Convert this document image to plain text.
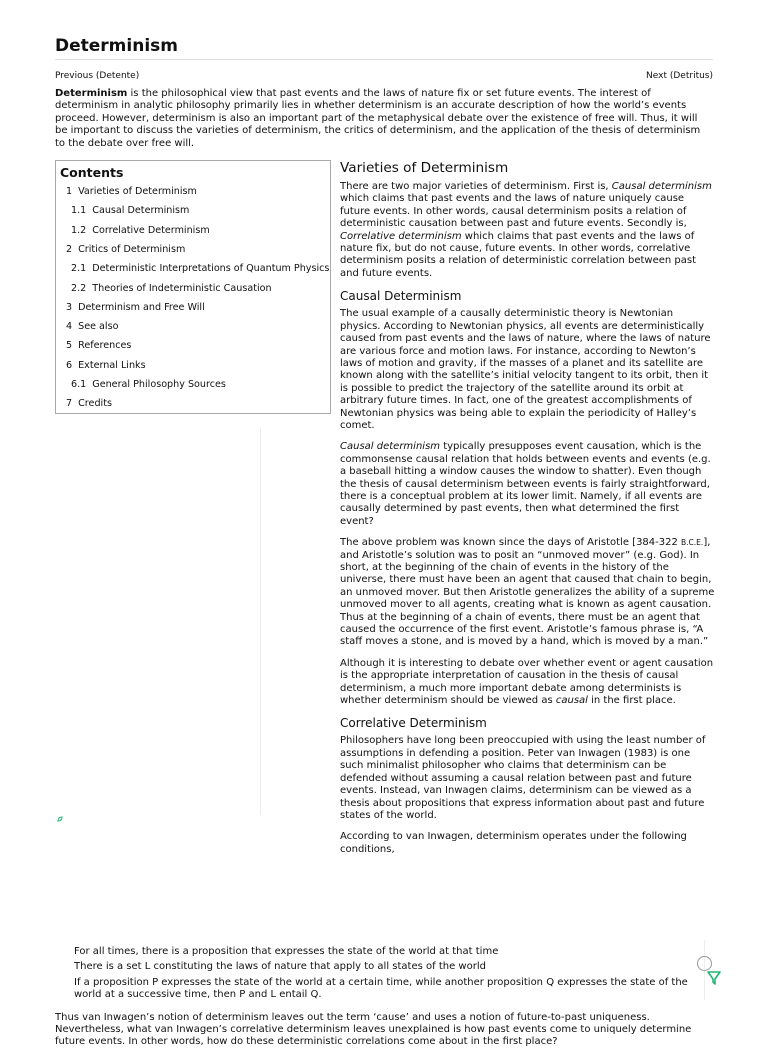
Determinism
Previous (Detente)	Next (Detritus)

Determinism is the philosophical view that past events and the laws of nature fix or set future events. The interest of determinism in analytic philosophy primarily lies in whether determinism is an accurate description of how the world’s events proceed. However, determinism is also an important part of the metaphysical debate over the existence of free will. Thus, it will be important to discuss the varieties of determinism, the critics of determinism, and the application of the thesis of determinism to the debate over free will.

Contents
1 Varieties of Determinism
1.1 Causal Determinism
1.2 Correlative Determinism
2 Critics of Determinism
2.1 Deterministic Interpretations of Quantum Physics
2.2 Theories of Indeterministic Causation
3 Determinism and Free Will
4 See also
5 References
6 External Links
6.1 General Philosophy Sources
7 Credits
Varieties of Determinism

There are two major varieties of determinism. First is, Causal determinism which claims that past events and the laws of nature uniquely cause future events. In other words, causal determinism posits a relation of deterministic causation between past and future events. Secondly is, Correlative determinism which claims that past events and the laws of nature fix, but do not cause, future events. In other words, correlative determinism posits a relation of deterministic correlation between past and future events.

Causal Determinism

The usual example of a causally deterministic theory is Newtonian physics. According to Newtonian physics, all events are deterministically caused from past events and the laws of nature, where the laws of nature are various force and motion laws. For instance, according to Newton’s laws of motion and gravity, if the masses of a planet and its satellite are known along with the satellite’s initial velocity tangent to its orbit, then it is possible to predict the trajectory of the satellite around its orbit at arbitrary future times. In fact, one of the greatest accomplishments of Newtonian physics was being able to explain the periodicity of Halley’s comet.

Causal determinism typically presupposes event causation, which is the commonsense causal relation that holds between events and events (e.g. a baseball hitting a window causes the window to shatter). Even though the thesis of causal determinism between events is fairly straightforward, there is a conceptual problem at its lower limit. Namely, if all events are causally determined by past events, then what determined the first event?

The above problem was known since the days of Aristotle [384-322 B.C.E.], and Aristotle’s solution was to posit an “unmoved mover” (e.g. God). In short, at the beginning of the chain of events in the history of the universe, there must have been an agent that caused that chain to begin, an unmoved mover. But then Aristotle generalizes the ability of a supreme unmoved mover to all agents, creating what is known as agent causation. Thus at the beginning of a chain of events, there must be an agent that caused the occurrence of the first event. Aristotle’s famous phrase is, “A staff moves a stone, and is moved by a hand, which is moved by a man.”

Although it is interesting to debate over whether event or agent causation is the appropriate interpretation of causation in the thesis of causal determinism, a much more important debate among determinists is whether determinism should be viewed as causal in the first place.

Correlative Determinism

Philosophers have long been preoccupied with using the least number of assumptions in defending a position. Peter van Inwagen (1983) is one such minimalist philosopher who claims that determinism can be defended without assuming a causal relation between past and future events. Instead, van Inwagen claims, determinism can be viewed as a thesis about propositions that express information about past and future states of the world.

According to van Inwagen, determinism operates under the following conditions,

For all times, there is a proposition that expresses the state of the world at that time
There is a set L constituting the laws of nature that apply to all states of the world
If a proposition P expresses the state of the world at a certain time, while another proposition Q expresses the state of the world at a successive time, then P and L entail Q.

Thus van Inwagen’s notion of determinism leaves out the term ‘cause’ and uses a notion of future-to-past uniqueness. Nevertheless, what van Inwagen’s correlative determinism leaves unexplained is how past events come to uniquely determine future events. In other words, how do these deterministic correlations come about in the first place?
